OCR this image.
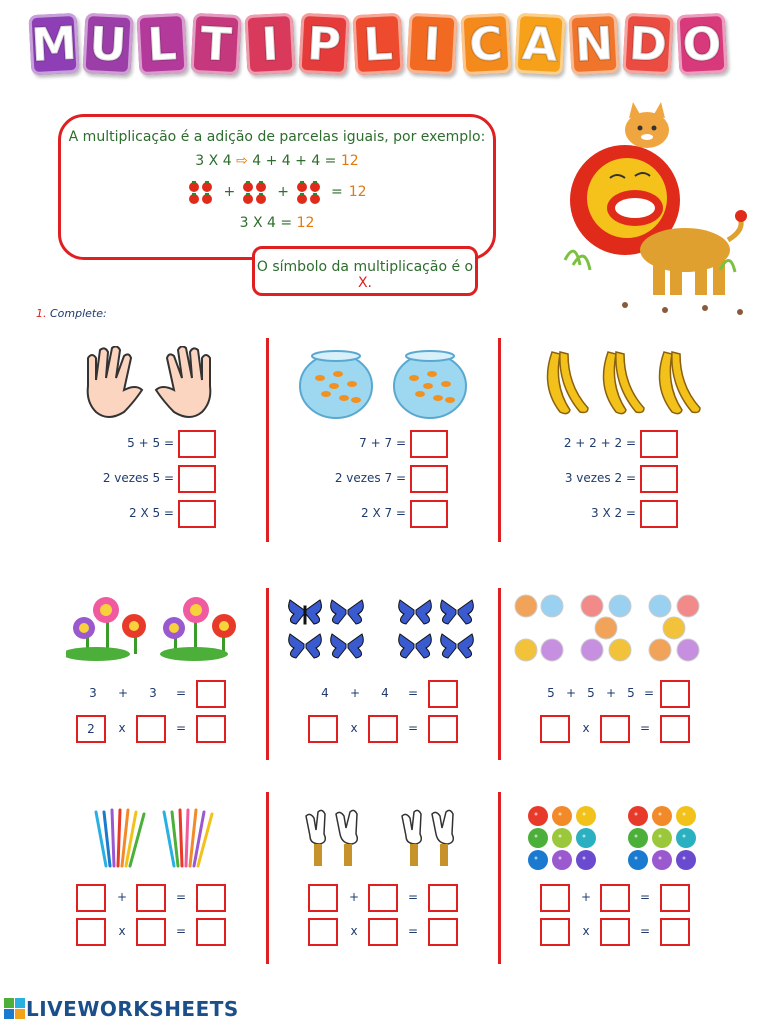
M U L T I P L I C A N D O
A multiplicação é a adição de parcelas iguais, por exemplo:
3 X 4 ⇨ 4 + 4 + 4 = 12
+	+	= 12
3 X 4 = 12
O símbolo da multiplicação é o X.
1. Complete:
5 + 5 =
2 vezes 5 =
2 X 5 =
7 + 7 =
2 vezes 7 =
2 X 7 =
2 + 2 + 2 =
3 vezes 2 =
3 X 2 =
3 + 3 =
2	x	=
4 + 4 =
x	=
5 + 5 + 5 =
x	=
+	=
x	=
+	=
x	=
+	=
x	=
LIVEWORKSHEETS
